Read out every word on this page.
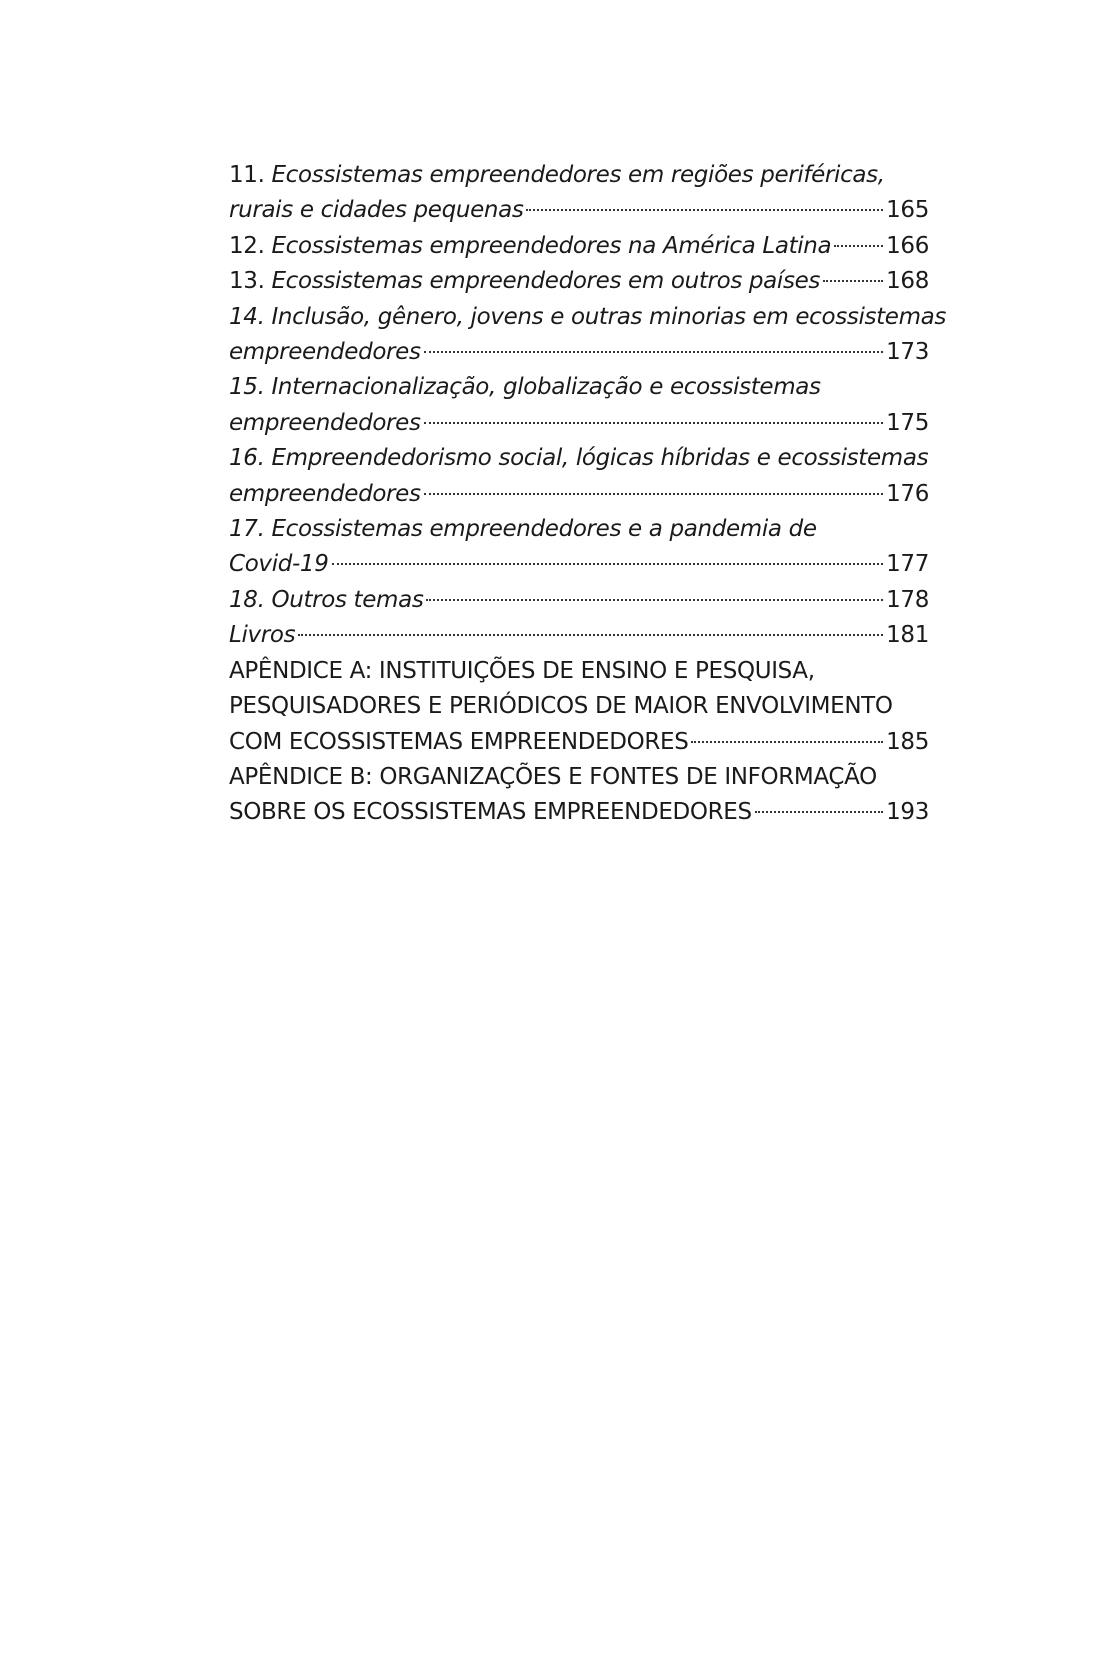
11.
Ecossistemas empreendedores em regiões periféricas,
rurais e cidades pequenas	165
12.
Ecossistemas empreendedores na América Latina 166
13.
Ecossistemas empreendedores em outros países	168
14. Inclusão, gênero, jovens e outras minorias em ecossistemas
empreendedores	173
15. Internacionalização, globalização e ecossistemas
empreendedores	175
16. Empreendedorismo social, lógicas híbridas e ecossistemas
empreendedores	176
17. Ecossistemas empreendedores e a pandemia de
Covid-19	177
18. Outros temas	178
Livros	181
APÊNDICE A: INSTITUIÇÕES DE ENSINO E PESQUISA,
PESQUISADORES E PERIÓDICOS DE MAIOR ENVOLVIMENTO
COM ECOSSISTEMAS EMPREENDEDORES	185
APÊNDICE B: ORGANIZAÇÕES E FONTES DE INFORMAÇÃO
SOBRE OS ECOSSISTEMAS EMPREENDEDORES	193
